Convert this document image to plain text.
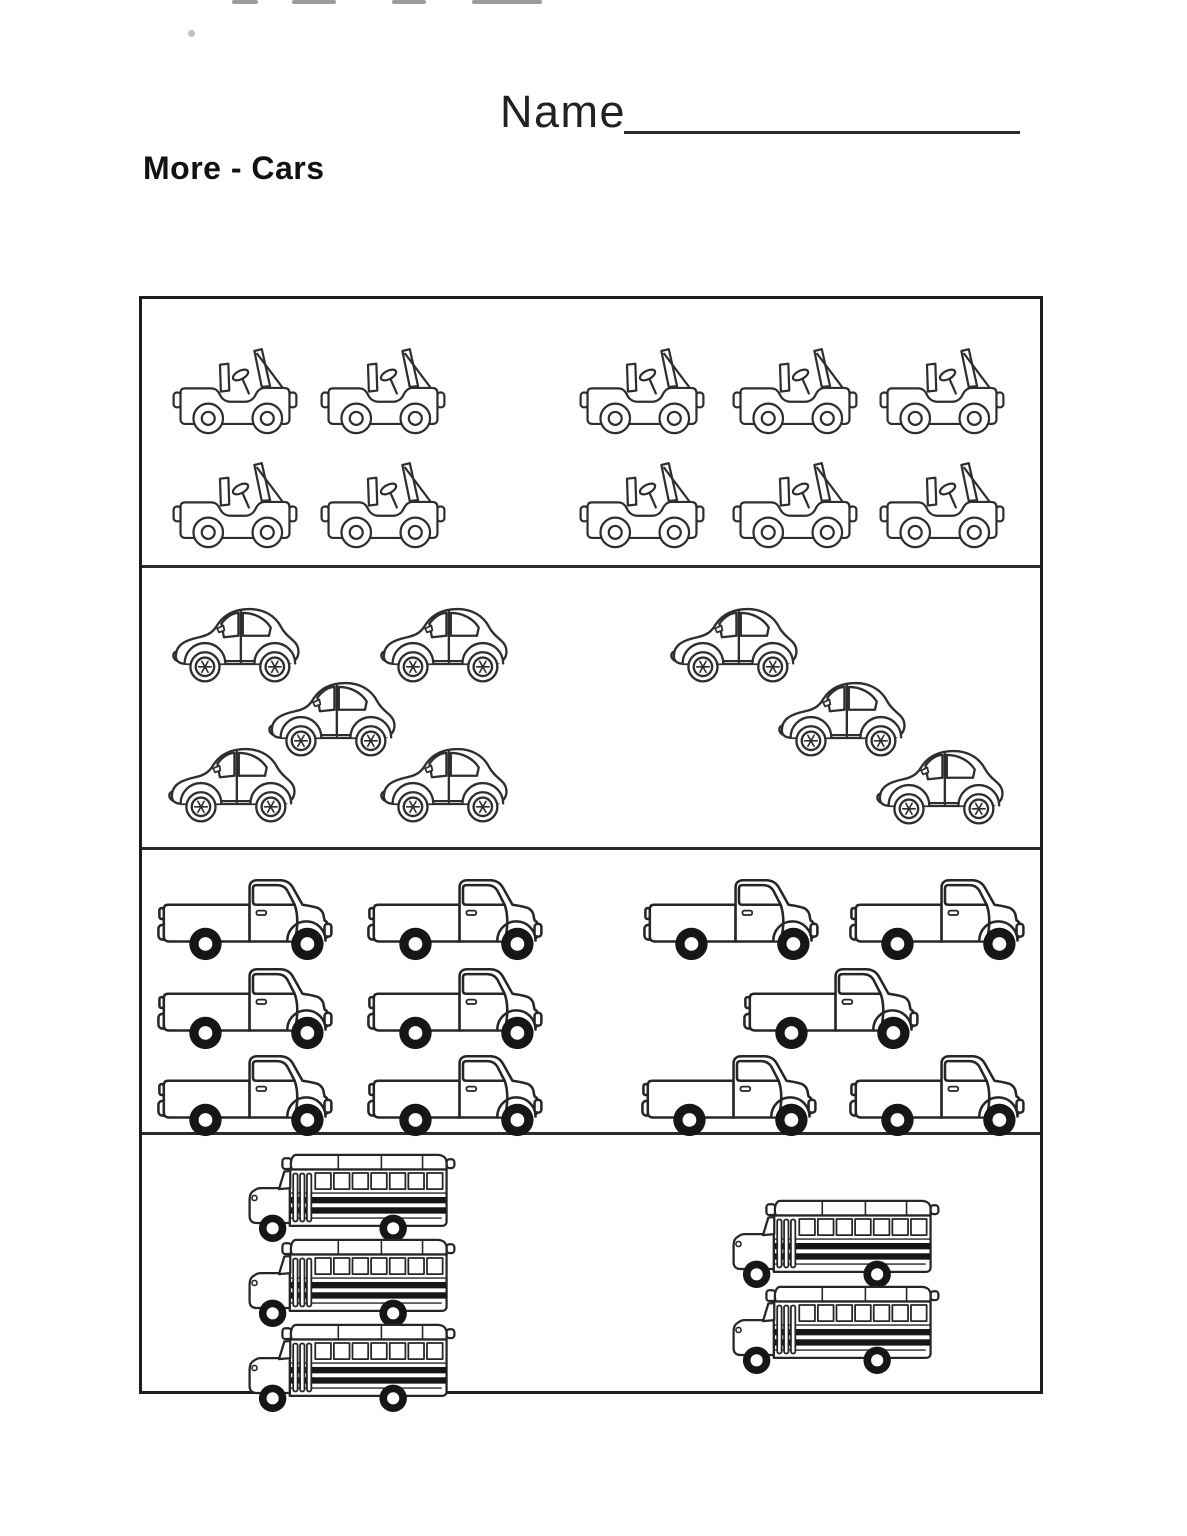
Name
More - Cars
